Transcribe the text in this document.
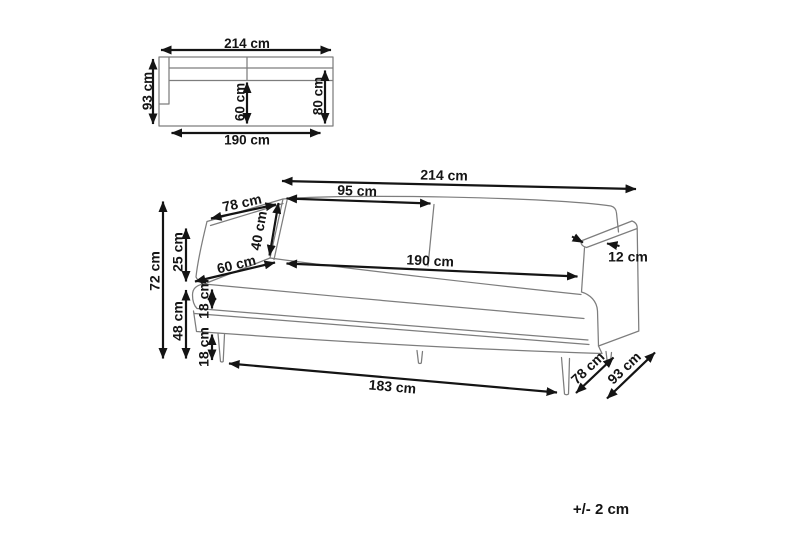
214 cm
93 cm	60 cm	80 cm
190 cm
214 cm
95 cm
78 cm
40 cm
60 cm	190 cm	12 cm
72 cm 25 cm
48 cm
18 cm
18 cm
183 cm	78 cm
93 cm
+/- 2 cm
